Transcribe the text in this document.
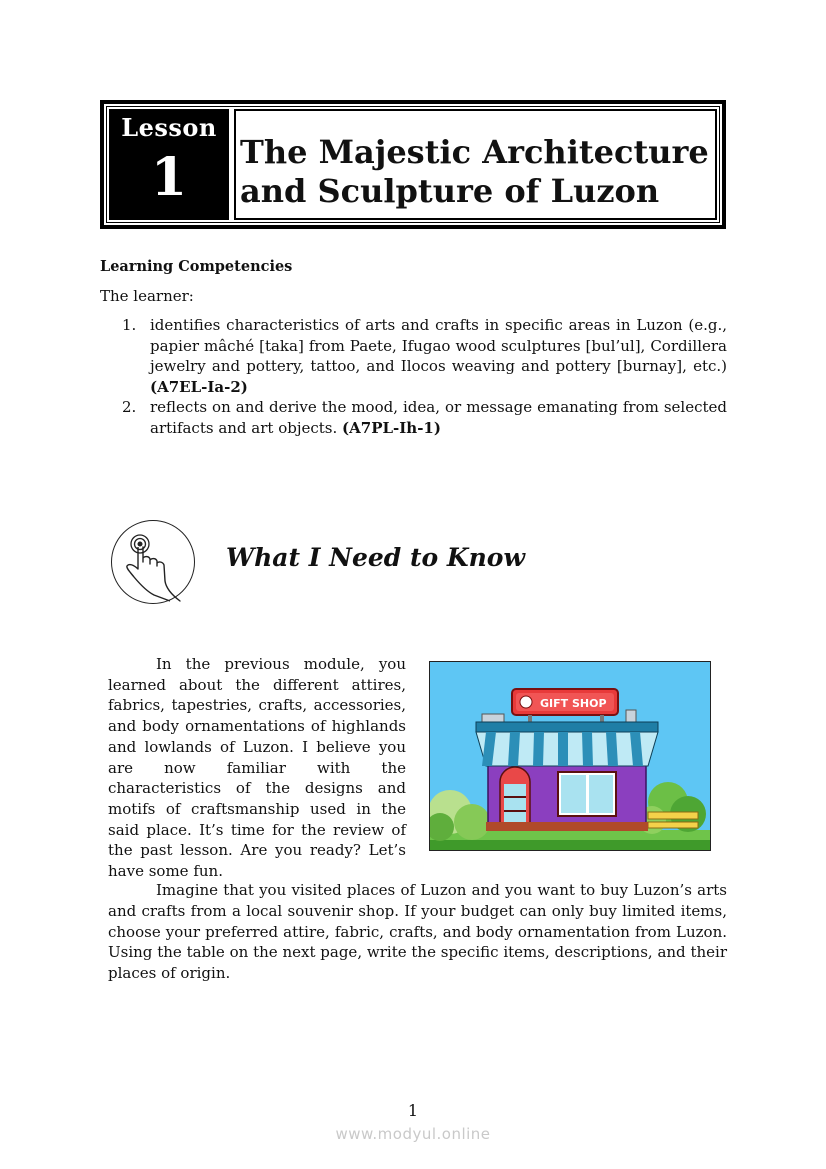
Lesson
1	The Majestic Architecture
and Sculpture of Luzon
Learning Competencies
The learner:
1. identifies characteristics of arts and crafts in specific areas in Luzon (e.g., papier mâché [taka] from Paete, Ifugao wood sculptures [bul’ul], Cordillera jewelry and pottery, tattoo, and Ilocos weaving and pottery [burnay], etc.) (A7EL-Ia-2)
2. reflects on and derive the mood, idea, or message emanating from selected artifacts and art objects. (A7PL-Ih-1)
What I Need to Know

In the previous module, you learned about the different attires, fabrics, tapestries, crafts, accessories, and body ornamentations of highlands and lowlands of Luzon. I believe you are now familiar with the characteristics of the designs and motifs of craftsmanship used in the said place. It’s time for the review of the past lesson. Are you ready? Let’s have some fun.

GIFT SHOP

Imagine that you visited places of Luzon and you want to buy Luzon’s arts and crafts from a local souvenir shop. If your budget can only buy limited items, choose your preferred attire, fabric, crafts, and body ornamentation from Luzon. Using the table on the next page, write the specific items, descriptions, and their places of origin.

1
www.modyul.online
